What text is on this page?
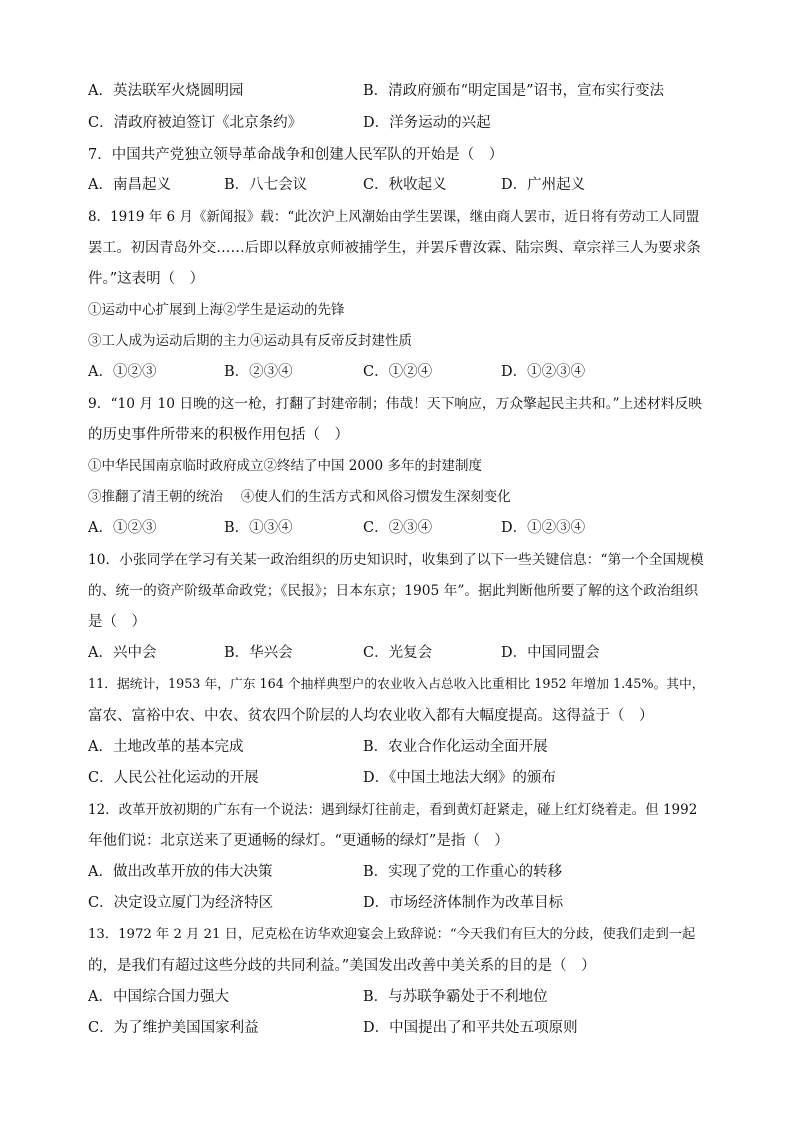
A．英法联军火烧圆明园	B．清政府颁布“明定国是”诏书，宣布实行变法
C．清政府被迫签订《北京条约》	D．洋务运动的兴起
7．中国共产党独立领导革命战争和创建人民军队的开始是（　）
A．南昌起义	B．八七会议	C．秋收起义	D．广州起义
8．1919 年 6 月《新闻报》载：“此次沪上风潮始由学生罢课，继由商人罢市，近日将有劳动工人同盟
罢工。初因青岛外交……后即以释放京师被捕学生，并罢斥曹汝霖、陆宗舆、章宗祥三人为要求条
件。”这表明（　）
①运动中心扩展到上海②学生是运动的先锋
③工人成为运动后期的主力④运动具有反帝反封建性质
A．①②③	B．②③④	C．①②④	D．①②③④
9．“10 月 10 日晚的这一枪，打翻了封建帝制；伟哉！天下响应，万众擎起民主共和。”上述材料反映
的历史事件所带来的积极作用包括（　）
①中华民国南京临时政府成立②终结了中国 2000 多年的封建制度
③推翻了清王朝的统治　 ④使人们的生活方式和风俗习惯发生深刻变化
A．①②③	B．①③④	C．②③④	D．①②③④
10．小张同学在学习有关某一政治组织的历史知识时，收集到了以下一些关键信息：“第一个全国规模
的、统一的资产阶级革命政党；《民报》；日本东京；1905 年”。据此判断他所要了解的这个政治组织
是（　）
A．兴中会	B．华兴会	C．光复会	D．中国同盟会
11．据统计，1953 年，广东 164 个抽样典型户的农业收入占总收入比重相比 1952 年增加 1.45%。其中，
富农、富裕中农、中农、贫农四个阶层的人均农业收入都有大幅度提高。这得益于（　）
A．土地改革的基本完成	B．农业合作化运动全面开展
C．人民公社化运动的开展	D．《中国土地法大纲》的颁布
12．改革开放初期的广东有一个说法：遇到绿灯往前走，看到黄灯赶紧走，碰上红灯绕着走。但 1992
年他们说：北京送来了更通畅的绿灯。“更通畅的绿灯”是指（　）
A．做出改革开放的伟大决策	B．实现了党的工作重心的转移
C．决定设立厦门为经济特区	D．市场经济体制作为改革目标
13．1972 年 2 月 21 日，尼克松在访华欢迎宴会上致辞说：“今天我们有巨大的分歧，使我们走到一起
的，是我们有超过这些分歧的共同利益。”美国发出改善中美关系的目的是（　）
A．中国综合国力强大	B．与苏联争霸处于不利地位
C．为了维护美国国家利益	D．中国提出了和平共处五项原则
